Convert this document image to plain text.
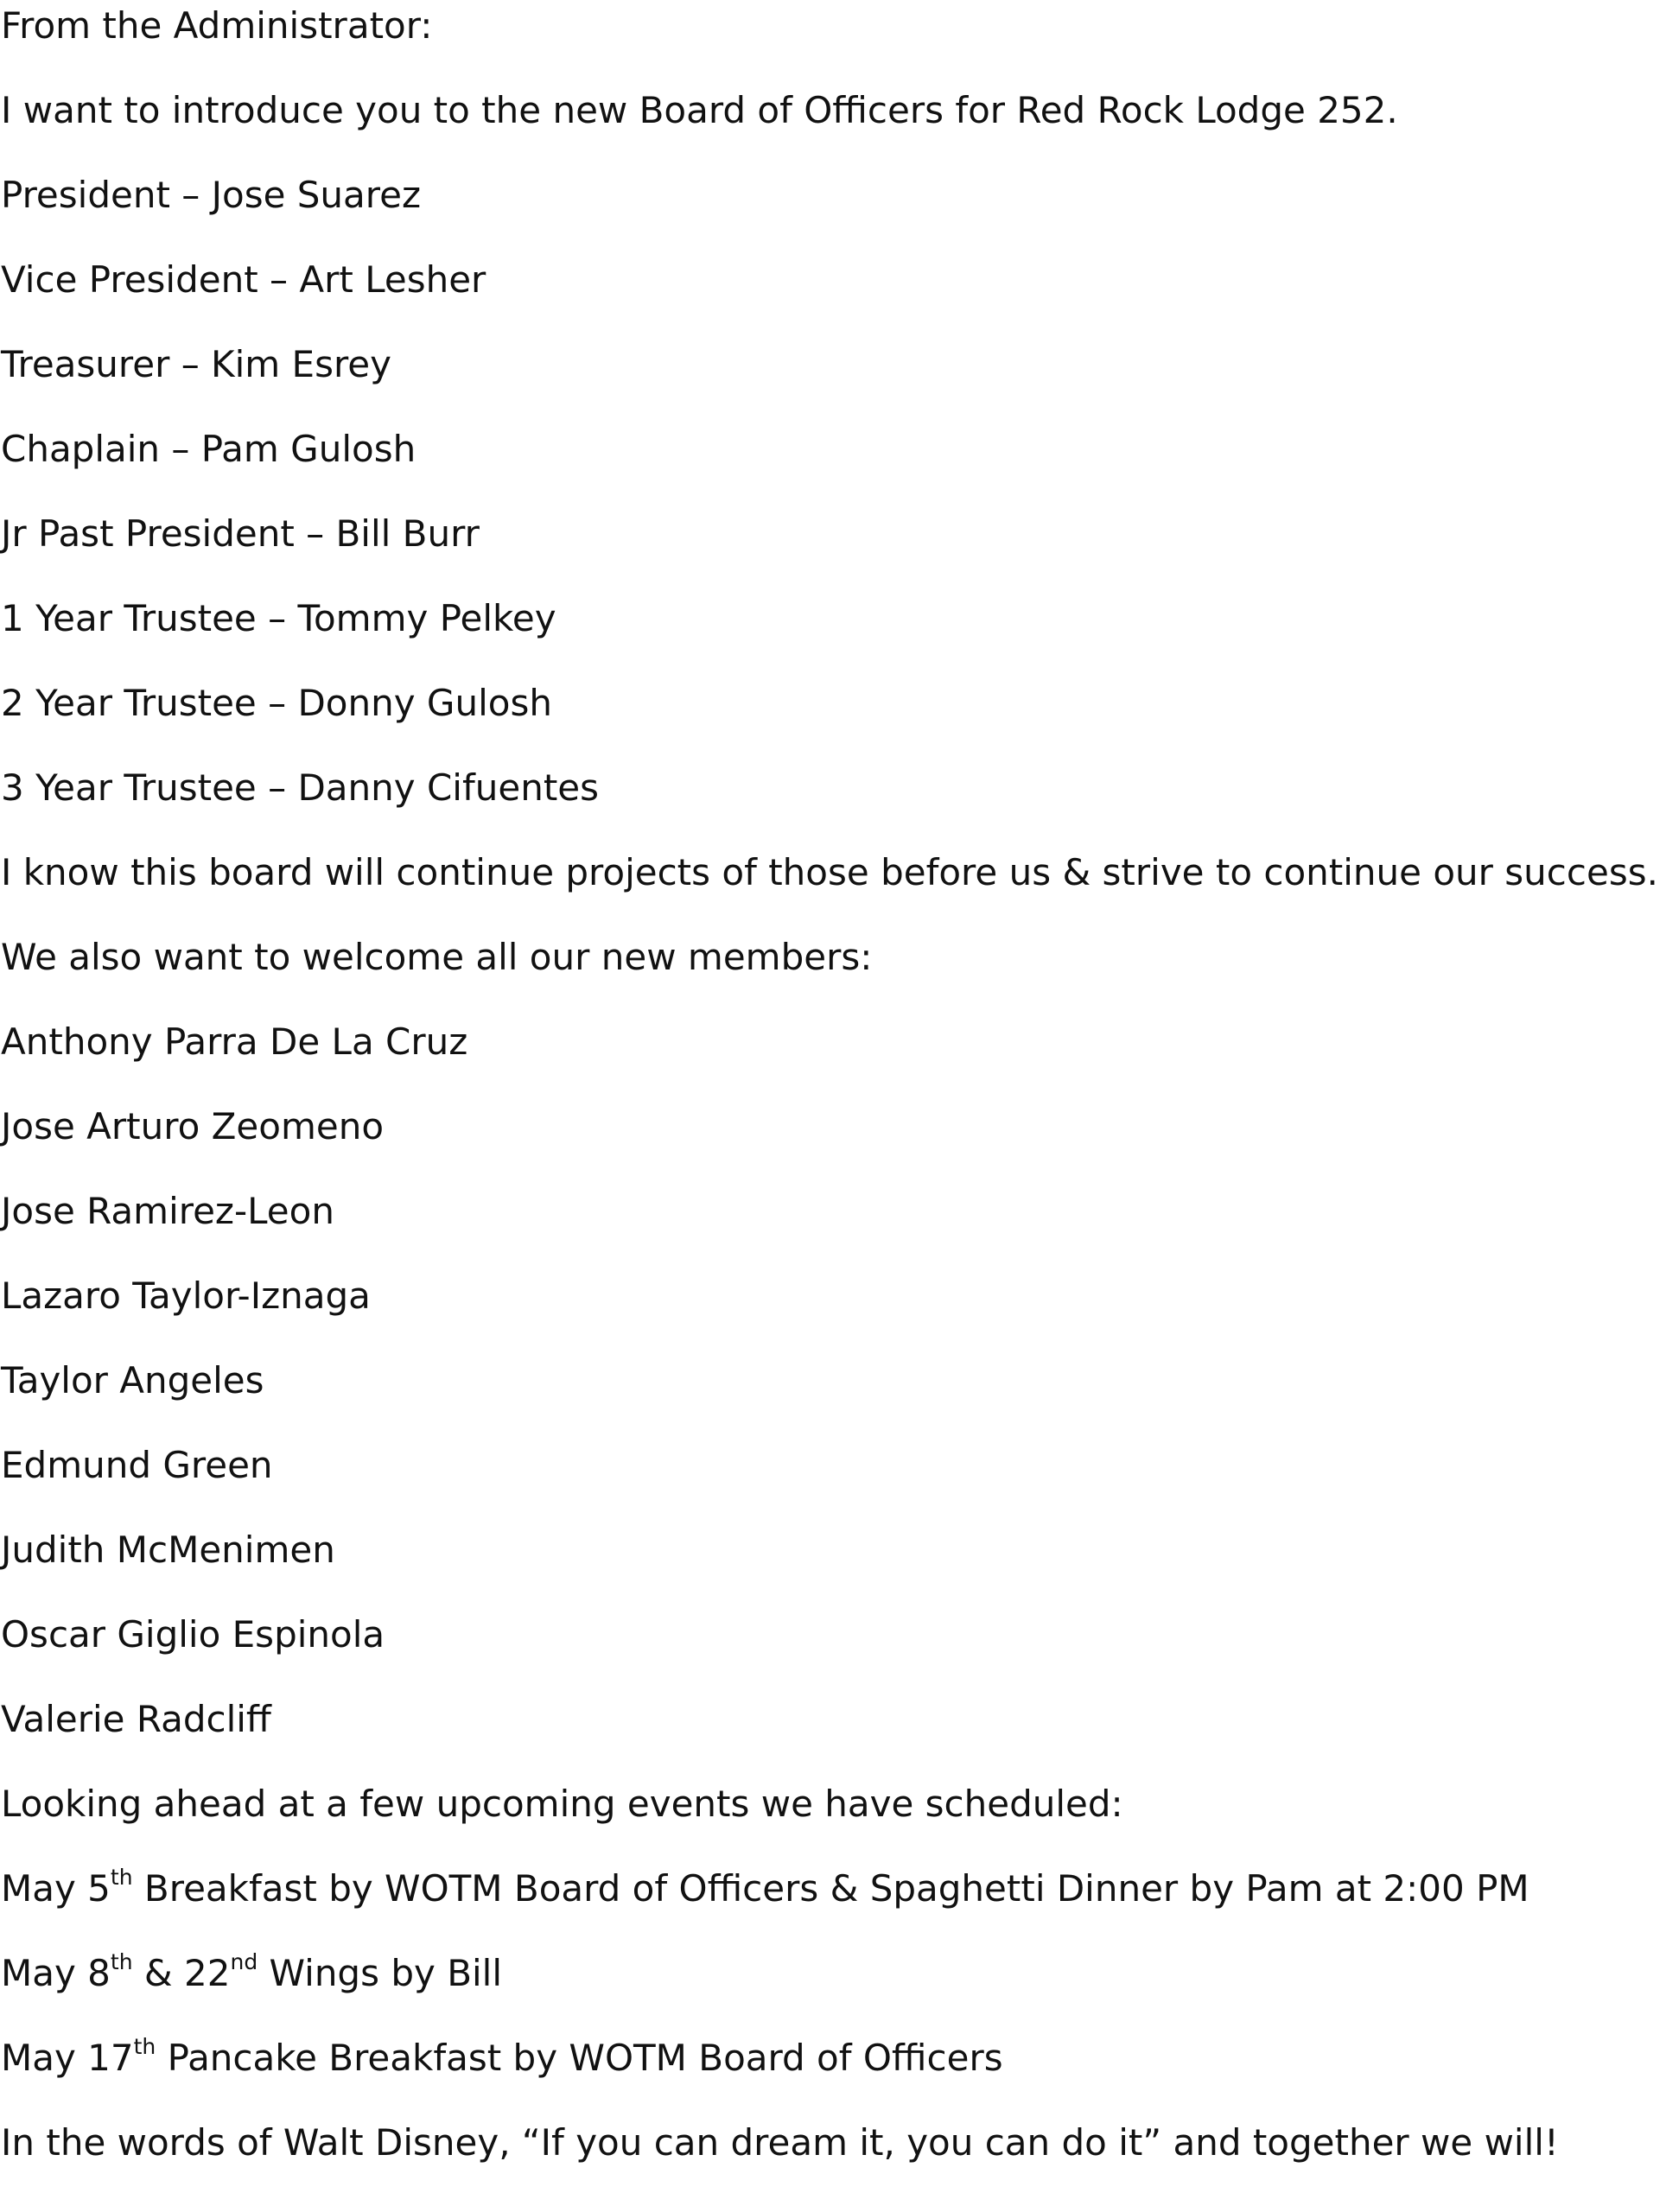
From the Administrator:

I want to introduce you to the new Board of Officers for Red Rock Lodge 252.

President – Jose Suarez

Vice President – Art Lesher

Treasurer – Kim Esrey

Chaplain – Pam Gulosh

Jr Past President – Bill Burr

1 Year Trustee – Tommy Pelkey

2 Year Trustee – Donny Gulosh

3 Year Trustee – Danny Cifuentes

I know this board will continue projects of those before us & strive to continue our success.

We also want to welcome all our new members:

Anthony Parra De La Cruz

Jose Arturo Zeomeno

Jose Ramirez-Leon

Lazaro Taylor-Iznaga

Taylor Angeles

Edmund Green

Judith McMenimen

Oscar Giglio Espinola

Valerie Radcliff

Looking ahead at a few upcoming events we have scheduled:

May 5th Breakfast by WOTM Board of Officers & Spaghetti Dinner by Pam at 2:00 PM

May 8th & 22nd Wings by Bill

May 17th Pancake Breakfast by WOTM Board of Officers

In the words of Walt Disney, “If you can dream it, you can do it” and together we will!
